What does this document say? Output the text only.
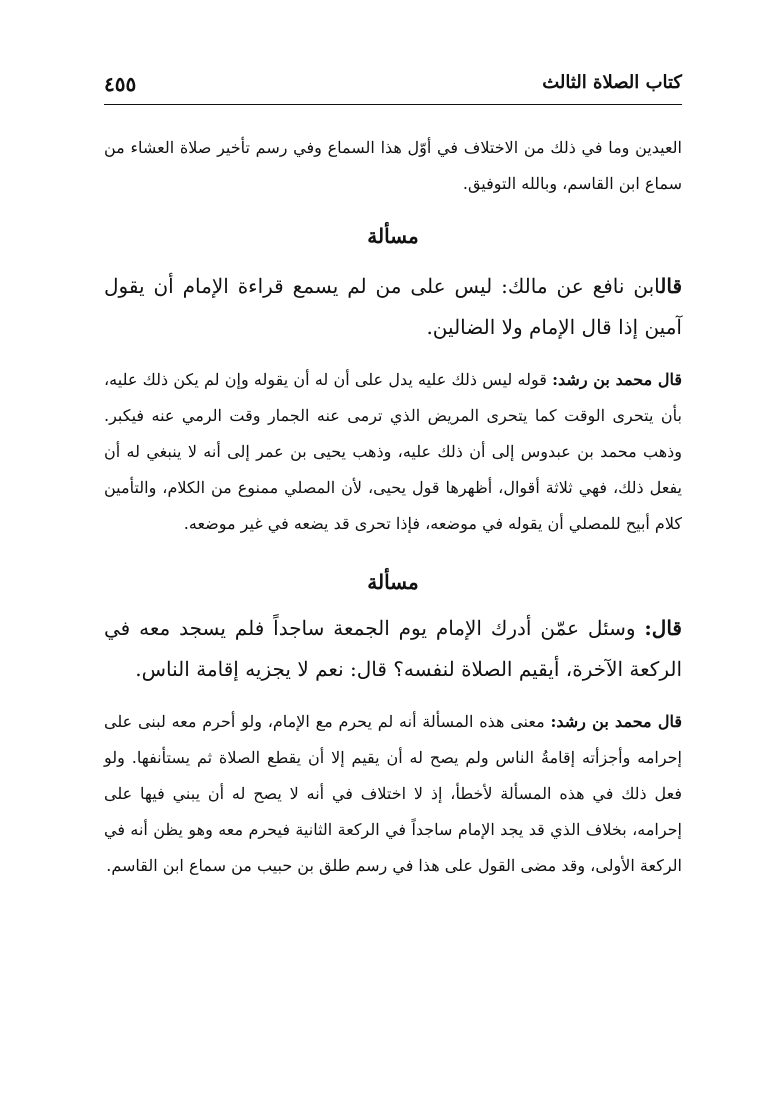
كتاب الصلاة الثالث
٤٥٥

العيدين وما في ذلك من الاختلاف في أوّل هذا السماع وفي رسم تأخير صلاة العشاء من سماع ابن القاسم، وبالله التوفيق.

مسألة

قالابن نافع عن مالك: ليس على من لم يسمع قراءة الإمام أن يقول آمين إذا قال الإمام ولا الضالين.

قال محمد بن رشد: قوله ليس ذلك عليه يدل على أن له أن يقوله وإن لم يكن ذلك عليه، بأن يتحرى الوقت كما يتحرى المريض الذي ترمى عنه الجمار وقت الرمي عنه فيكبر. وذهب محمد بن عبدوس إلى أن ذلك عليه، وذهب يحيى بن عمر إلى أنه لا ينبغي له أن يفعل ذلك، فهي ثلاثة أقوال، أظهرها قول يحيى، لأن المصلي ممنوع من الكلام، والتأمين كلام أبيح للمصلي أن يقوله في موضعه، فإذا تحرى قد يضعه في غير موضعه.

مسألة

قال: وسئل عمّن أدرك الإمام يوم الجمعة ساجداً فلم يسجد معه في الركعة الآخرة، أيقيم الصلاة لنفسه؟ قال: نعم لا يجزيه إقامة الناس.

قال محمد بن رشد: معنى هذه المسألة أنه لم يحرم مع الإمام، ولو أحرم معه لبنى على إحرامه وأجزأته إقامةُ الناس ولم يصح له أن يقيم إلا أن يقطع الصلاة ثم يستأنفها. ولو فعل ذلك في هذه المسألة لأخطأ، إذ لا اختلاف في أنه لا يصح له أن يبني فيها على إحرامه، بخلاف الذي قد يجد الإمام ساجداً في الركعة الثانية فيحرم معه وهو يظن أنه في الركعة الأولى، وقد مضى القول على هذا في رسم طلق بن حبيب من سماع ابن القاسم.
